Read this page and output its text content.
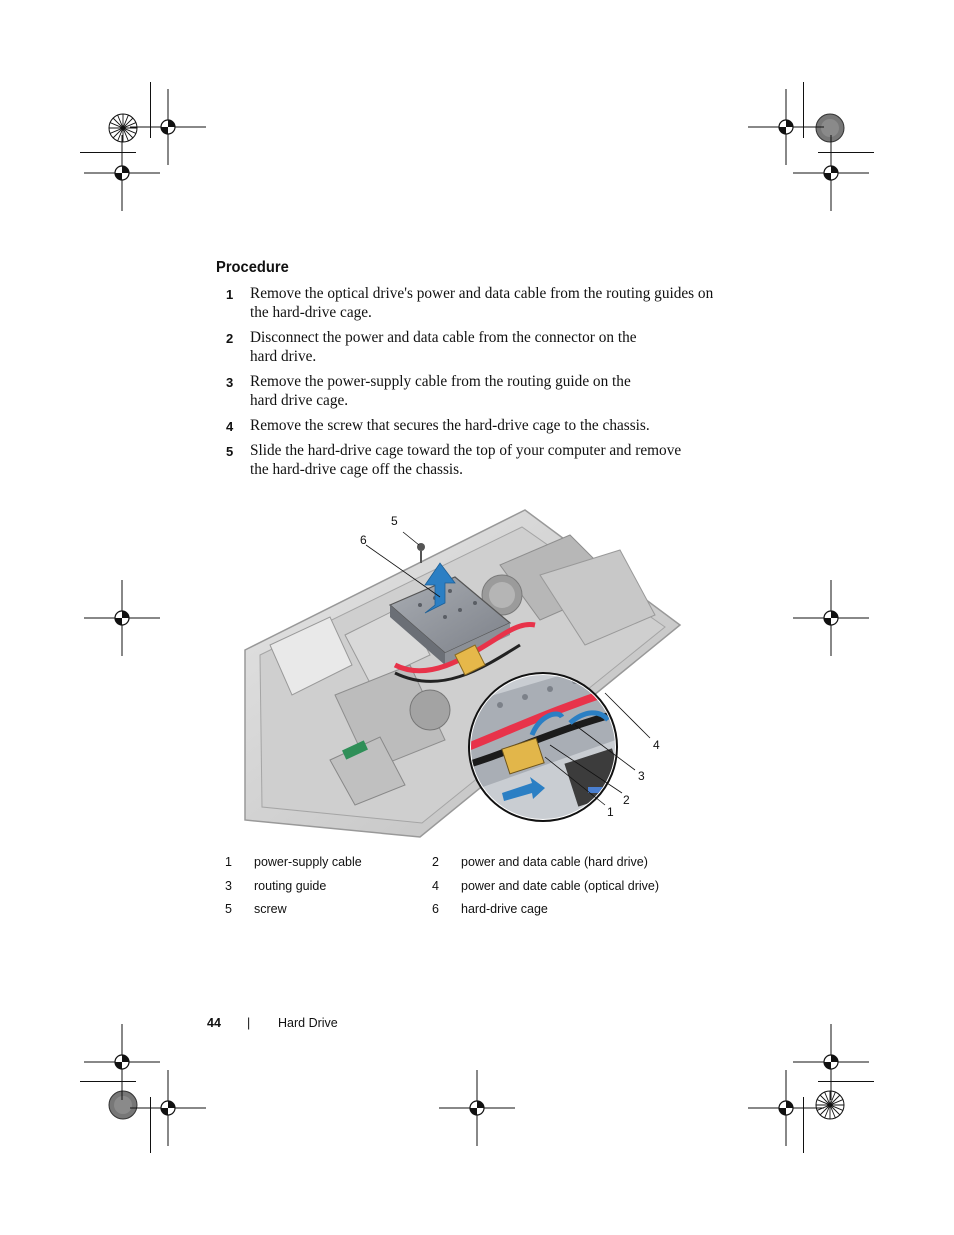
Procedure
1 Remove the optical drive's power and data cable from the routing guides on the hard-drive cage.
2 Disconnect the power and data cable from the connector on the hard drive.
3 Remove the power-supply cable from the routing guide on the hard drive cage.
4 Remove the screw that secures the hard-drive cage to the chassis.
5 Slide the hard-drive cage toward the top of your computer and remove the hard-drive cage off the chassis.
5
6
4
3
2
1
1 power-supply cable	2 power and data cable (hard drive)
3 routing guide	4 power and date cable (optical drive)
5 screw	6 hard-drive cage
44 | Hard Drive
